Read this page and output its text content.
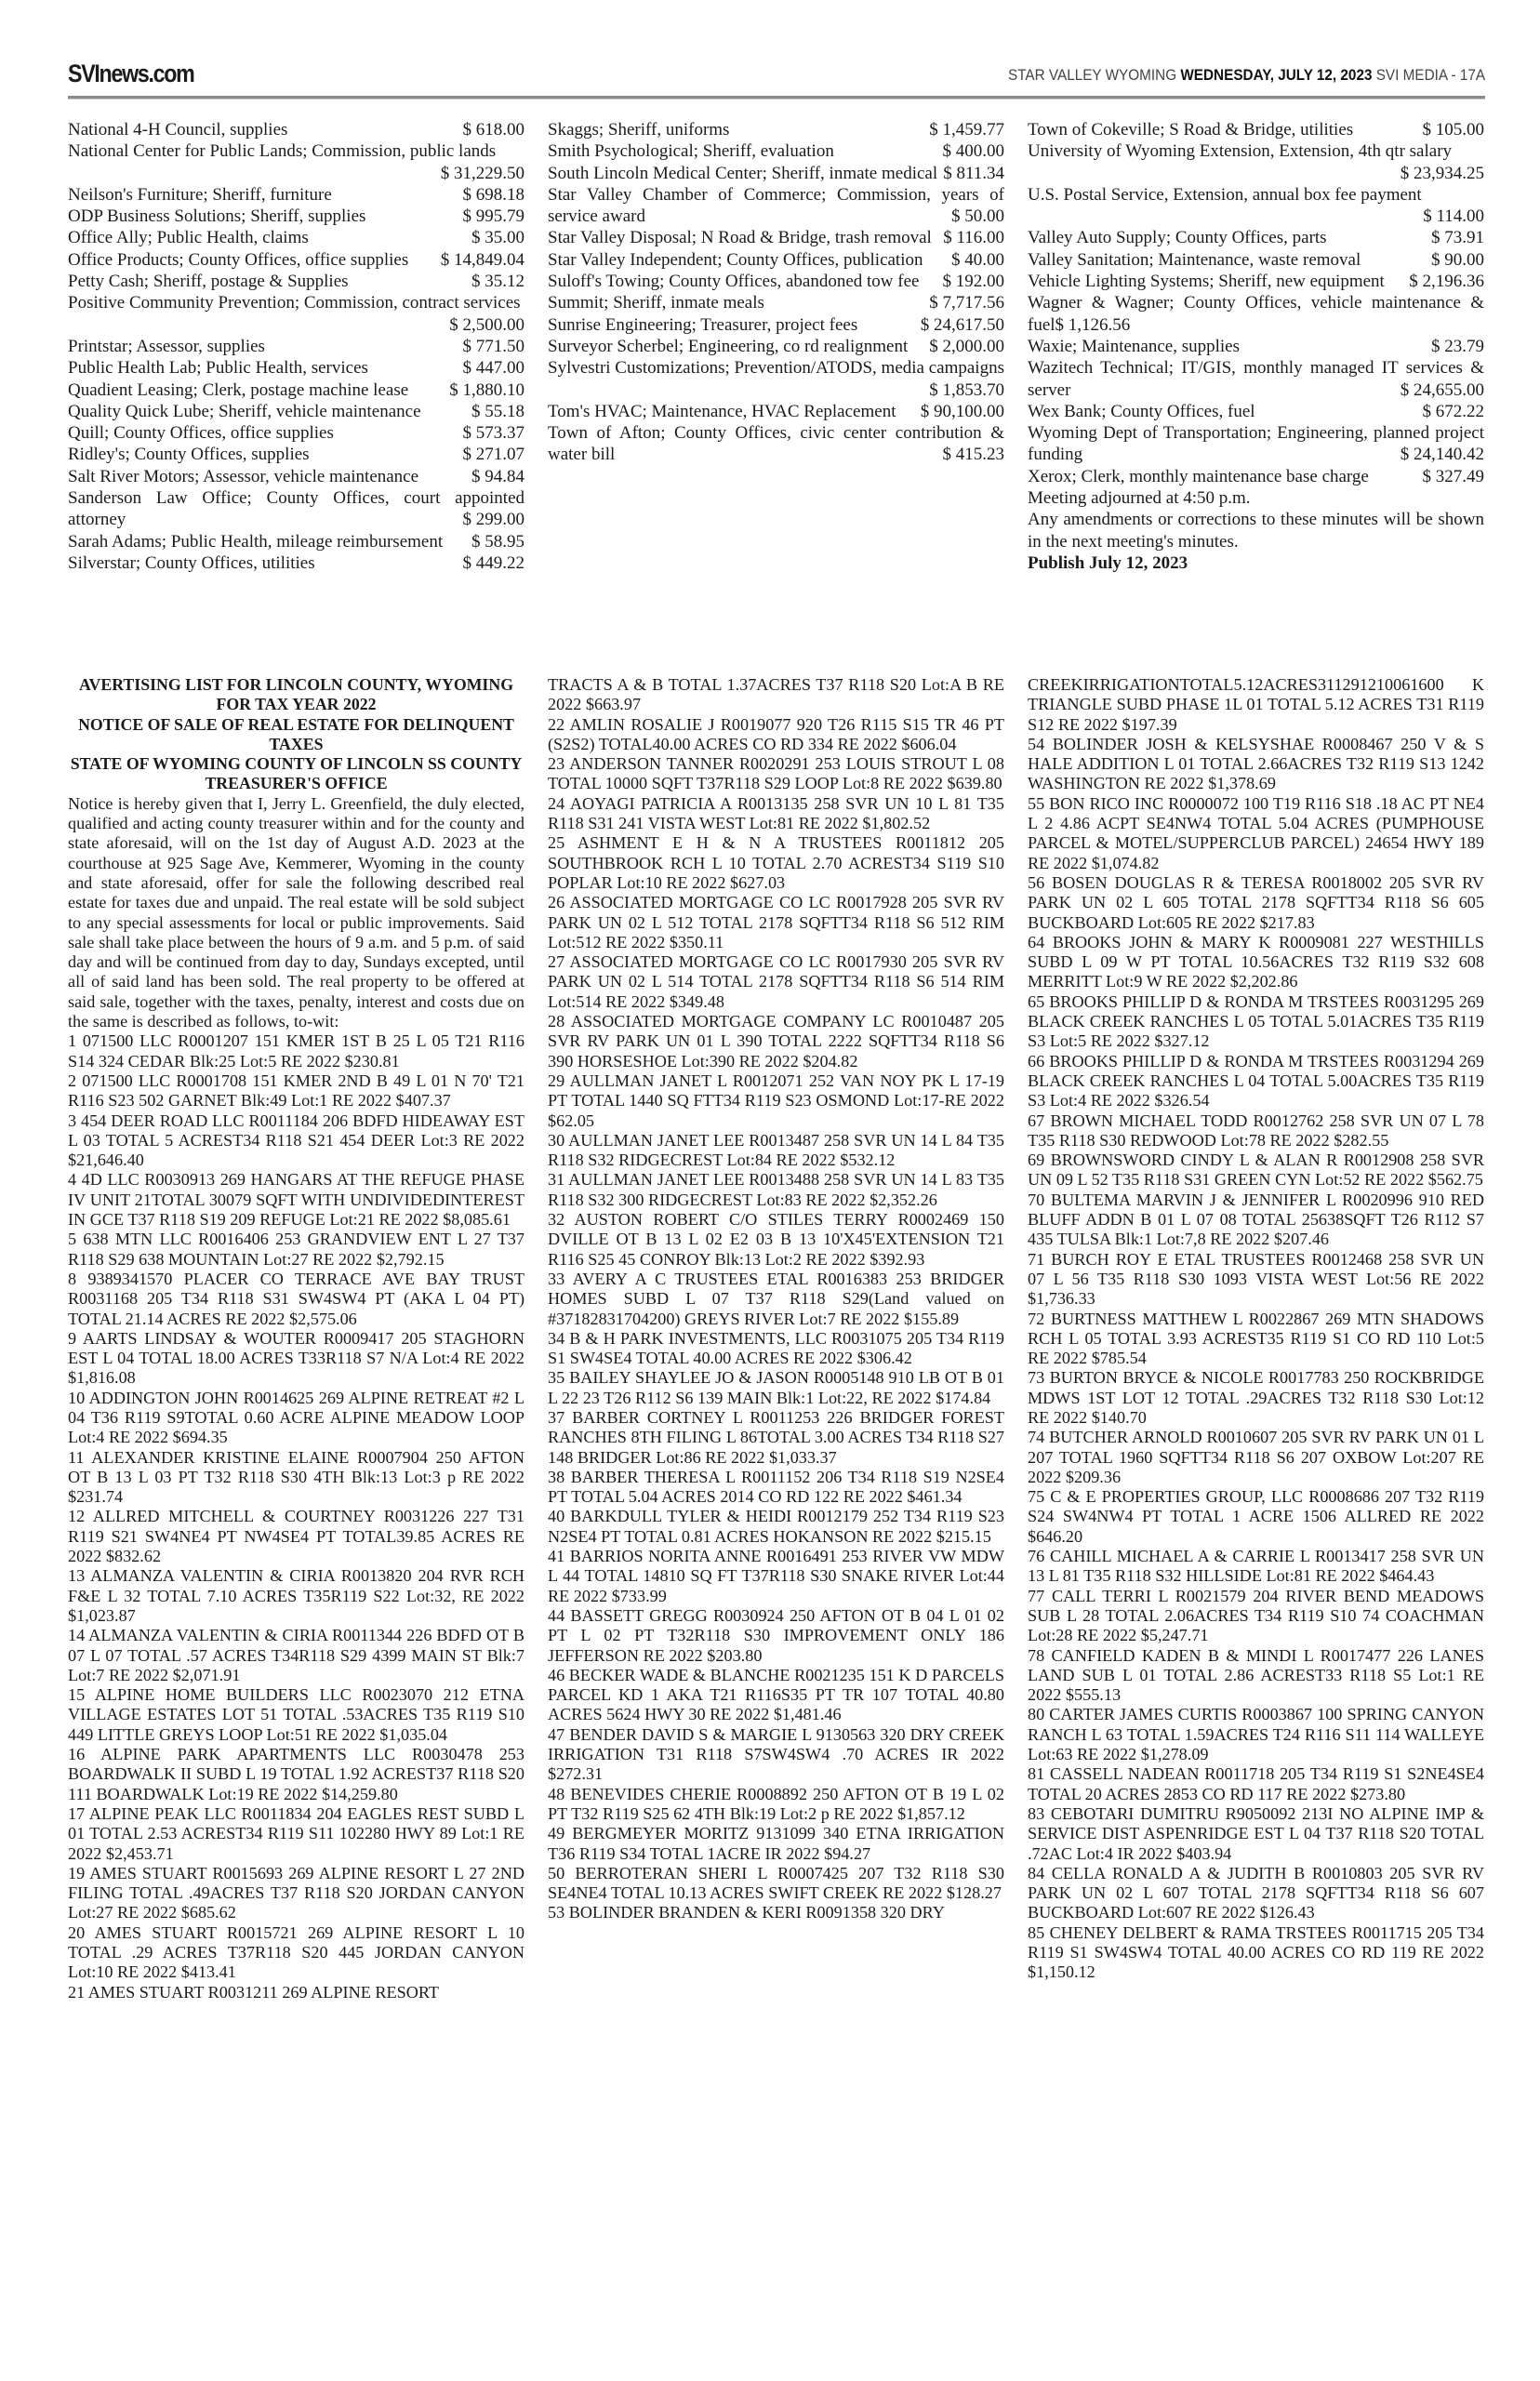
SVInews.com	STAR VALLEY WYOMING WEDNESDAY, JULY 12, 2023 SVI MEDIA - 17A
National 4-H Council, supplies	$ 618.00
National Center for Public Lands; Commission, public lands
$ 31,229.50
Neilson's Furniture; Sheriff, furniture	$ 698.18
ODP Business Solutions; Sheriff, supplies	$ 995.79
Office Ally; Public Health, claims	$ 35.00
Office Products; County Offices, office supplies	$ 14,849.04
Petty Cash; Sheriff, postage & Supplies	$ 35.12
Positive Community Prevention; Commission, contract services
$ 2,500.00
Printstar; Assessor, supplies	$ 771.50
Public Health Lab; Public Health, services	$ 447.00
Quadient Leasing; Clerk, postage machine lease	$ 1,880.10
Quality Quick Lube; Sheriff, vehicle maintenance	$ 55.18
Quill; County Offices, office supplies	$ 573.37
Ridley's; County Offices, supplies	$ 271.07
Salt River Motors; Assessor, vehicle maintenance	$ 94.84
Sanderson Law Office; County Offices, court appointed attorney	$ 299.00
Sarah Adams; Public Health, mileage reimbursement	$ 58.95
Silverstar; County Offices, utilities	$ 449.22
Skaggs; Sheriff, uniforms	$ 1,459.77
Smith Psychological; Sheriff, evaluation	$ 400.00
South Lincoln Medical Center; Sheriff, inmate medical $ 811.34
Star Valley Chamber of Commerce; Commission, years of service award	$ 50.00
Star Valley Disposal; N Road & Bridge, trash removal $ 116.00
Star Valley Independent; County Offices, publication	$ 40.00
Suloff's Towing; County Offices, abandoned tow fee	$ 192.00
Summit; Sheriff, inmate meals	$ 7,717.56
Sunrise Engineering; Treasurer, project fees	$ 24,617.50
Surveyor Scherbel; Engineering, co rd realignment	$ 2,000.00
Sylvestri Customizations; Prevention/ATODS, media campaigns
$ 1,853.70
Tom's HVAC; Maintenance, HVAC Replacement	$ 90,100.00
Town of Afton; County Offices, civic center contribution & water bill	$ 415.23
Town of Cokeville; S Road & Bridge, utilities	$ 105.00
University of Wyoming Extension, Extension, 4th qtr salary
$ 23,934.25
U.S. Postal Service, Extension, annual box fee payment
$ 114.00
Valley Auto Supply; County Offices, parts	$ 73.91
Valley Sanitation; Maintenance, waste removal	$ 90.00
Vehicle Lighting Systems; Sheriff, new equipment	$ 2,196.36
Wagner & Wagner; County Offices, vehicle maintenance & fuel$ 1,126.56
Waxie; Maintenance, supplies	$ 23.79
Wazitech Technical; IT/GIS, monthly managed IT services & server	$ 24,655.00
Wex Bank; County Offices, fuel	$ 672.22
Wyoming Dept of Transportation; Engineering, planned project funding	$ 24,140.42
Xerox; Clerk, monthly maintenance base charge	$ 327.49

Meeting adjourned at 4:50 p.m.

Any amendments or corrections to these minutes will be shown in the next meeting's minutes.

Publish July 12, 2023

AVERTISING LIST FOR LINCOLN COUNTY, WYOMING FOR TAX YEAR 2022
NOTICE OF SALE OF REAL ESTATE FOR DELINQUENT TAXES
STATE OF WYOMING COUNTY OF LINCOLN SS COUNTY TREASURER'S OFFICE

Notice is hereby given that I, Jerry L. Greenfield, the duly elected, qualified and acting county treasurer within and for the county and state aforesaid, will on the 1st day of August A.D. 2023 at the courthouse at 925 Sage Ave, Kemmerer, Wyoming in the county and state aforesaid, offer for sale the following described real estate for taxes due and unpaid. The real estate will be sold subject to any special assessments for local or public improvements. Said sale shall take place between the hours of 9 a.m. and 5 p.m. of said day and will be continued from day to day, Sundays excepted, until all of said land has been sold. The real property to be offered at said sale, together with the taxes, penalty, interest and costs due on the same is described as follows, to-wit:

1 071500 LLC R0001207 151 KMER 1ST B 25 L 05 T21 R116 S14 324 CEDAR Blk:25 Lot:5 RE 2022 $230.81

2 071500 LLC R0001708 151 KMER 2ND B 49 L 01 N 70' T21 R116 S23 502 GARNET Blk:49 Lot:1 RE 2022 $407.37

3 454 DEER ROAD LLC R0011184 206 BDFD HIDEAWAY EST L 03 TOTAL 5 ACREST34 R118 S21 454 DEER Lot:3 RE 2022 $21,646.40

4 4D LLC R0030913 269 HANGARS AT THE REFUGE PHASE IV UNIT 21TOTAL 30079 SQFT WITH UNDIVIDEDINTEREST IN GCE T37 R118 S19 209 REFUGE Lot:21 RE 2022 $8,085.61

5 638 MTN LLC R0016406 253 GRANDVIEW ENT L 27 T37 R118 S29 638 MOUNTAIN Lot:27 RE 2022 $2,792.15

8 9389341570 PLACER CO TERRACE AVE BAY TRUST R0031168 205 T34 R118 S31 SW4SW4 PT (AKA L 04 PT) TOTAL 21.14 ACRES RE 2022 $2,575.06

9 AARTS LINDSAY & WOUTER R0009417 205 STAGHORN EST L 04 TOTAL 18.00 ACRES T33R118 S7 N/A Lot:4 RE 2022 $1,816.08

10 ADDINGTON JOHN R0014625 269 ALPINE RETREAT #2 L 04 T36 R119 S9TOTAL 0.60 ACRE ALPINE MEADOW LOOP Lot:4 RE 2022 $694.35

11 ALEXANDER KRISTINE ELAINE R0007904 250 AFTON OT B 13 L 03 PT T32 R118 S30 4TH Blk:13 Lot:3 p RE 2022 $231.74

12 ALLRED MITCHELL & COURTNEY R0031226 227 T31 R119 S21 SW4NE4 PT NW4SE4 PT TOTAL39.85 ACRES RE 2022 $832.62

13 ALMANZA VALENTIN & CIRIA R0013820 204 RVR RCH F&E L 32 TOTAL 7.10 ACRES T35R119 S22 Lot:32, RE 2022 $1,023.87

14 ALMANZA VALENTIN & CIRIA R0011344 226 BDFD OT B 07 L 07 TOTAL .57 ACRES T34R118 S29 4399 MAIN ST Blk:7 Lot:7 RE 2022 $2,071.91

15 ALPINE HOME BUILDERS LLC R0023070 212 ETNA VILLAGE ESTATES LOT 51 TOTAL .53ACRES T35 R119 S10 449 LITTLE GREYS LOOP Lot:51 RE 2022 $1,035.04

16 ALPINE PARK APARTMENTS LLC R0030478 253 BOARDWALK II SUBD L 19 TOTAL 1.92 ACREST37 R118 S20 111 BOARDWALK Lot:19 RE 2022 $14,259.80

17 ALPINE PEAK LLC R0011834 204 EAGLES REST SUBD L 01 TOTAL 2.53 ACREST34 R119 S11 102280 HWY 89 Lot:1 RE 2022 $2,453.71

19 AMES STUART R0015693 269 ALPINE RESORT L 27 2ND FILING TOTAL .49ACRES T37 R118 S20 JORDAN CANYON Lot:27 RE 2022 $685.62

20 AMES STUART R0015721 269 ALPINE RESORT L 10 TOTAL .29 ACRES T37R118 S20 445 JORDAN CANYON Lot:10 RE 2022 $413.41

21 AMES STUART R0031211 269 ALPINE RESORT

TRACTS A & B TOTAL 1.37ACRES T37 R118 S20 Lot:A B RE 2022 $663.97

22 AMLIN ROSALIE J R0019077 920 T26 R115 S15 TR 46 PT (S2S2) TOTAL40.00 ACRES CO RD 334 RE 2022 $606.04

23 ANDERSON TANNER R0020291 253 LOUIS STROUT L 08 TOTAL 10000 SQFT T37R118 S29 LOOP Lot:8 RE 2022 $639.80

24 AOYAGI PATRICIA A R0013135 258 SVR UN 10 L 81 T35 R118 S31 241 VISTA WEST Lot:81 RE 2022 $1,802.52

25 ASHMENT E H & N A TRUSTEES R0011812 205 SOUTHBROOK RCH L 10 TOTAL 2.70 ACREST34 S119 S10 POPLAR Lot:10 RE 2022 $627.03

26 ASSOCIATED MORTGAGE CO LC R0017928 205 SVR RV PARK UN 02 L 512 TOTAL 2178 SQFTT34 R118 S6 512 RIM Lot:512 RE 2022 $350.11

27 ASSOCIATED MORTGAGE CO LC R0017930 205 SVR RV PARK UN 02 L 514 TOTAL 2178 SQFTT34 R118 S6 514 RIM Lot:514 RE 2022 $349.48

28 ASSOCIATED MORTGAGE COMPANY LC R0010487 205 SVR RV PARK UN 01 L 390 TOTAL 2222 SQFTT34 R118 S6 390 HORSESHOE Lot:390 RE 2022 $204.82

29 AULLMAN JANET L R0012071 252 VAN NOY PK L 17-19 PT TOTAL 1440 SQ FTT34 R119 S23 OSMOND Lot:17-RE 2022 $62.05

30 AULLMAN JANET LEE R0013487 258 SVR UN 14 L 84 T35 R118 S32 RIDGECREST Lot:84 RE 2022 $532.12

31 AULLMAN JANET LEE R0013488 258 SVR UN 14 L 83 T35 R118 S32 300 RIDGECREST Lot:83 RE 2022 $2,352.26

32 AUSTON ROBERT C/O STILES TERRY R0002469 150 DVILLE OT B 13 L 02 E2 03 B 13 10'X45'EXTENSION T21 R116 S25 45 CONROY Blk:13 Lot:2 RE 2022 $392.93

33 AVERY A C TRUSTEES ETAL R0016383 253 BRIDGER HOMES SUBD L 07 T37 R118 S29(Land valued on #37182831704200) GREYS RIVER Lot:7 RE 2022 $155.89

34 B & H PARK INVESTMENTS, LLC R0031075 205 T34 R119 S1 SW4SE4 TOTAL 40.00 ACRES RE 2022 $306.42

35 BAILEY SHAYLEE JO & JASON R0005148 910 LB OT B 01 L 22 23 T26 R112 S6 139 MAIN Blk:1 Lot:22, RE 2022 $174.84

37 BARBER CORTNEY L R0011253 226 BRIDGER FOREST RANCHES 8TH FILING L 86TOTAL 3.00 ACRES T34 R118 S27 148 BRIDGER Lot:86 RE 2022 $1,033.37

38 BARBER THERESA L R0011152 206 T34 R118 S19 N2SE4 PT TOTAL 5.04 ACRES 2014 CO RD 122 RE 2022 $461.34

40 BARKDULL TYLER & HEIDI R0012179 252 T34 R119 S23 N2SE4 PT TOTAL 0.81 ACRES HOKANSON RE 2022 $215.15

41 BARRIOS NORITA ANNE R0016491 253 RIVER VW MDW L 44 TOTAL 14810 SQ FT T37R118 S30 SNAKE RIVER Lot:44 RE 2022 $733.99

44 BASSETT GREGG R0030924 250 AFTON OT B 04 L 01 02 PT L 02 PT T32R118 S30 IMPROVEMENT ONLY 186 JEFFERSON RE 2022 $203.80

46 BECKER WADE & BLANCHE R0021235 151 K D PARCELS PARCEL KD 1 AKA T21 R116S35 PT TR 107 TOTAL 40.80 ACRES 5624 HWY 30 RE 2022 $1,481.46

47 BENDER DAVID S & MARGIE L 9130563 320 DRY CREEK IRRIGATION T31 R118 S7SW4SW4 .70 ACRES IR 2022 $272.31

48 BENEVIDES CHERIE R0008892 250 AFTON OT B 19 L 02 PT T32 R119 S25 62 4TH Blk:19 Lot:2 p RE 2022 $1,857.12

49 BERGMEYER MORITZ 9131099 340 ETNA IRRIGATION T36 R119 S34 TOTAL 1ACRE IR 2022 $94.27

50 BERROTERAN SHERI L R0007425 207 T32 R118 S30 SE4NE4 TOTAL 10.13 ACRES SWIFT CREEK RE 2022 $128.27

53 BOLINDER BRANDEN & KERI R0091358 320 DRY

CREEKIRRIGATIONTOTAL5.12ACRES311291210061600 K TRIANGLE SUBD PHASE 1L 01 TOTAL 5.12 ACRES T31 R119 S12 RE 2022 $197.39

54 BOLINDER JOSH & KELSYSHAE R0008467 250 V & S HALE ADDITION L 01 TOTAL 2.66ACRES T32 R119 S13 1242 WASHINGTON RE 2022 $1,378.69

55 BON RICO INC R0000072 100 T19 R116 S18 .18 AC PT NE4 L 2 4.86 ACPT SE4NW4 TOTAL 5.04 ACRES (PUMPHOUSE PARCEL & MOTEL/SUPPERCLUB PARCEL) 24654 HWY 189 RE 2022 $1,074.82

56 BOSEN DOUGLAS R & TERESA R0018002 205 SVR RV PARK UN 02 L 605 TOTAL 2178 SQFTT34 R118 S6 605 BUCKBOARD Lot:605 RE 2022 $217.83

64 BROOKS JOHN & MARY K R0009081 227 WESTHILLS SUBD L 09 W PT TOTAL 10.56ACRES T32 R119 S32 608 MERRITT Lot:9 W RE 2022 $2,202.86

65 BROOKS PHILLIP D & RONDA M TRSTEES R0031295 269 BLACK CREEK RANCHES L 05 TOTAL 5.01ACRES T35 R119 S3 Lot:5 RE 2022 $327.12

66 BROOKS PHILLIP D & RONDA M TRSTEES R0031294 269 BLACK CREEK RANCHES L 04 TOTAL 5.00ACRES T35 R119 S3 Lot:4 RE 2022 $326.54

67 BROWN MICHAEL TODD R0012762 258 SVR UN 07 L 78 T35 R118 S30 REDWOOD Lot:78 RE 2022 $282.55

69 BROWNSWORD CINDY L & ALAN R R0012908 258 SVR UN 09 L 52 T35 R118 S31 GREEN CYN Lot:52 RE 2022 $562.75

70 BULTEMA MARVIN J & JENNIFER L R0020996 910 RED BLUFF ADDN B 01 L 07 08 TOTAL 25638SQFT T26 R112 S7 435 TULSA Blk:1 Lot:7,8 RE 2022 $207.46

71 BURCH ROY E ETAL TRUSTEES R0012468 258 SVR UN 07 L 56 T35 R118 S30 1093 VISTA WEST Lot:56 RE 2022 $1,736.33

72 BURTNESS MATTHEW L R0022867 269 MTN SHADOWS RCH L 05 TOTAL 3.93 ACREST35 R119 S1 CO RD 110 Lot:5 RE 2022 $785.54

73 BURTON BRYCE & NICOLE R0017783 250 ROCKBRIDGE MDWS 1ST LOT 12 TOTAL .29ACRES T32 R118 S30 Lot:12 RE 2022 $140.70

74 BUTCHER ARNOLD R0010607 205 SVR RV PARK UN 01 L 207 TOTAL 1960 SQFTT34 R118 S6 207 OXBOW Lot:207 RE 2022 $209.36

75 C & E PROPERTIES GROUP, LLC R0008686 207 T32 R119 S24 SW4NW4 PT TOTAL 1 ACRE 1506 ALLRED RE 2022 $646.20

76 CAHILL MICHAEL A & CARRIE L R0013417 258 SVR UN 13 L 81 T35 R118 S32 HILLSIDE Lot:81 RE 2022 $464.43

77 CALL TERRI L R0021579 204 RIVER BEND MEADOWS SUB L 28 TOTAL 2.06ACRES T34 R119 S10 74 COACHMAN Lot:28 RE 2022 $5,247.71

78 CANFIELD KADEN B & MINDI L R0017477 226 LANES LAND SUB L 01 TOTAL 2.86 ACREST33 R118 S5 Lot:1 RE 2022 $555.13

80 CARTER JAMES CURTIS R0003867 100 SPRING CANYON RANCH L 63 TOTAL 1.59ACRES T24 R116 S11 114 WALLEYE Lot:63 RE 2022 $1,278.09

81 CASSELL NADEAN R0011718 205 T34 R119 S1 S2NE4SE4 TOTAL 20 ACRES 2853 CO RD 117 RE 2022 $273.80

83 CEBOTARI DUMITRU R9050092 213I NO ALPINE IMP & SERVICE DIST ASPENRIDGE EST L 04 T37 R118 S20 TOTAL .72AC Lot:4 IR 2022 $403.94

84 CELLA RONALD A & JUDITH B R0010803 205 SVR RV PARK UN 02 L 607 TOTAL 2178 SQFTT34 R118 S6 607 BUCKBOARD Lot:607 RE 2022 $126.43

85 CHENEY DELBERT & RAMA TRSTEES R0011715 205 T34 R119 S1 SW4SW4 TOTAL 40.00 ACRES CO RD 119 RE 2022 $1,150.12
